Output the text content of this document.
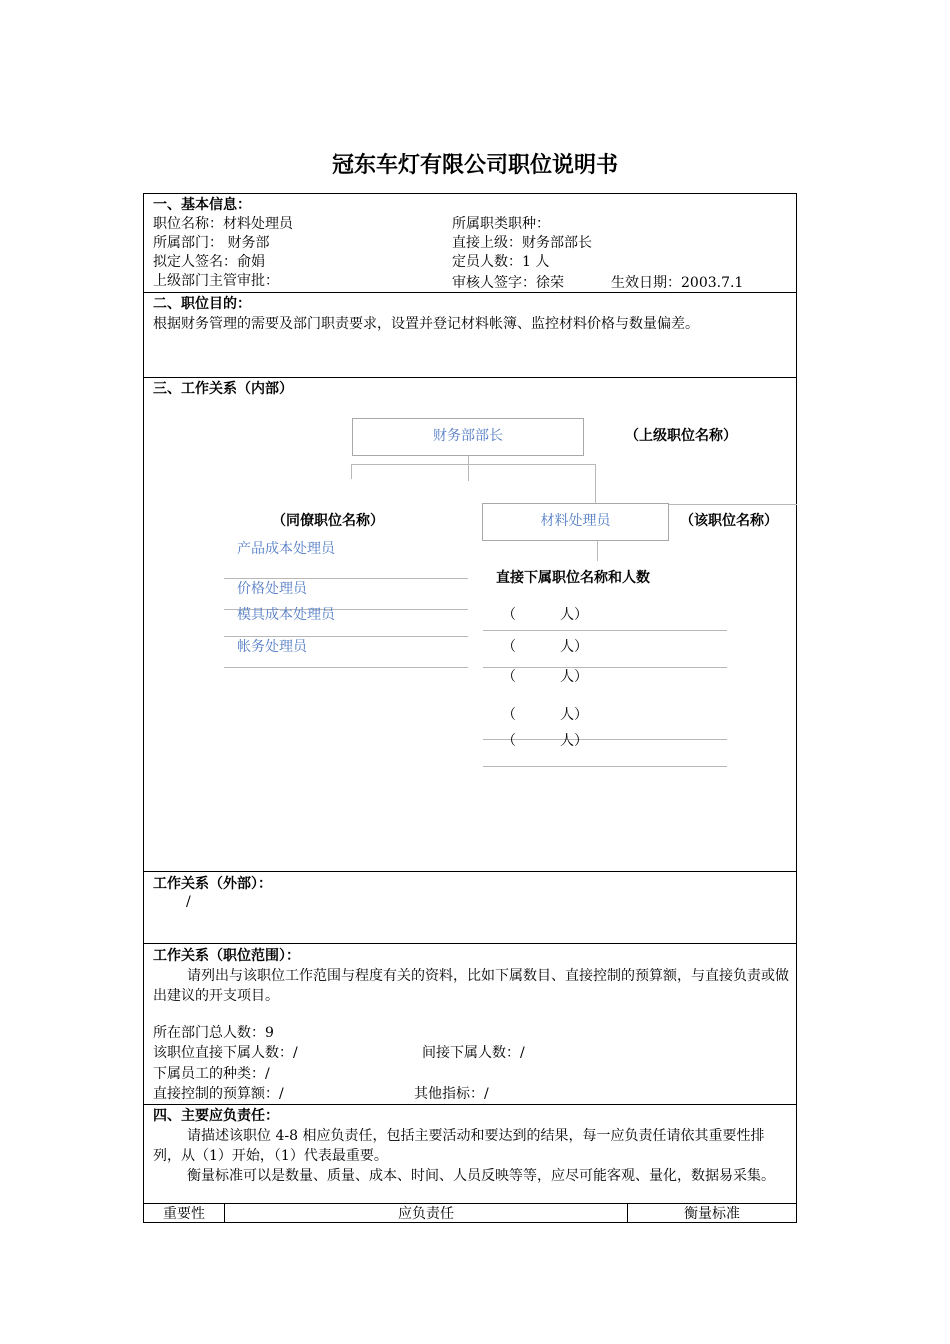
冠东车灯有限公司职位说明书
一、基本信息：
职位名称：材料处理员	所属职类职种：
所属部门： 财务部	直接上级：财务部部长
拟定人签名：俞娟	定员人数：1 人
上级部门主管审批：	审核人签字：徐荣	生效日期：2003.7.1
二、职位目的：
根据财务管理的需要及部门职责要求，设置并登记材料帐簿、监控材料价格与数量偏差。
三、工作关系（内部）
财务部部长	（上级职位名称）
材料处理员	（该职位名称）
（同僚职位名称）
产品成本处理员
价格处理员
模具成本处理员
帐务处理员
直接下属职位名称和人数
（	人）
（	人）
（	人）
（	人）
（	人）
工作关系（外部）：
/
工作关系（职位范围）：
请列出与该职位工作范围与程度有关的资料，比如下属数目、直接控制的预算额，与直接负责或做出建议的开支项目。
所在部门总人数：9
该职位直接下属人数：/	间接下属人数：/
下属员工的种类：/
直接控制的预算额：/	其他指标：/
四、主要应负责任：
请描述该职位 4-8 相应负责任，包括主要活动和要达到的结果，每一应负责任请依其重要性排列，从（1）开始，（1）代表最重要。
衡量标准可以是数量、质量、成本、时间、人员反映等等，应尽可能客观、量化，数据易采集。
重要性	应负责任	衡量标准
